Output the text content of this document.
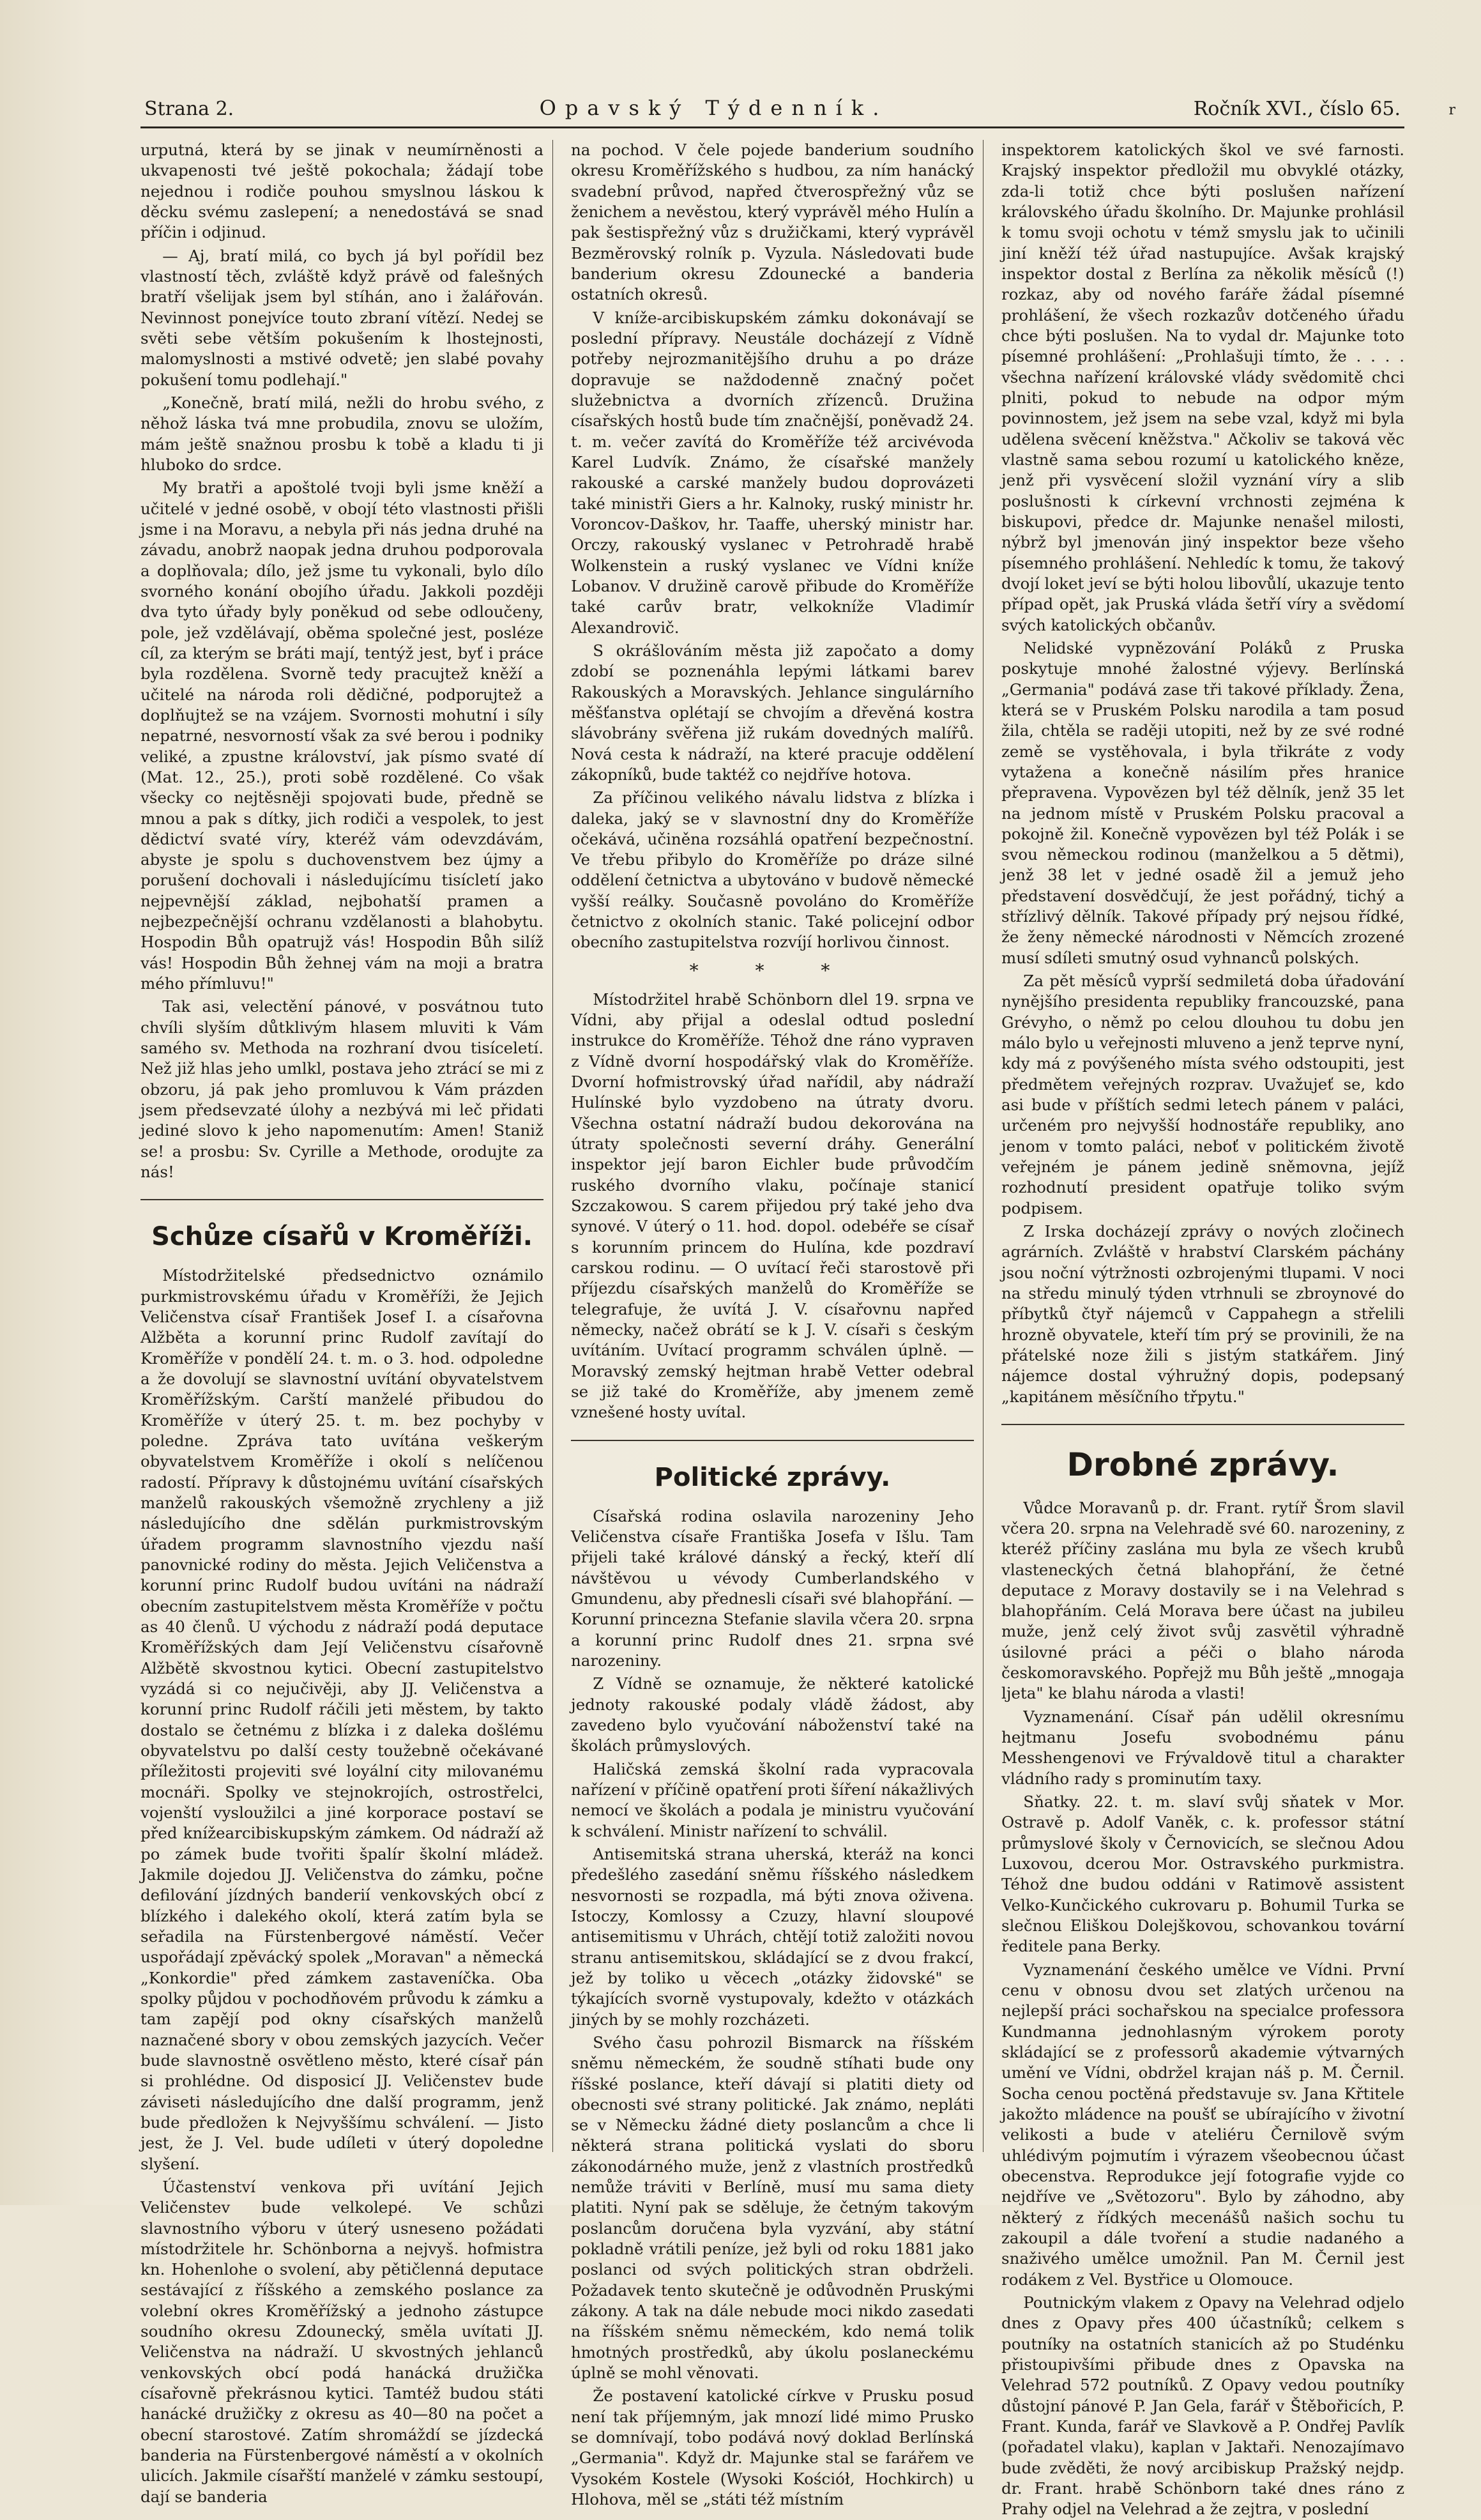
r
Strana 2.	Opavský Týdenník.	Ročník XVI., číslo 65.

urputná, která by se jinak v neumírněnosti a ukvapenosti tvé ještě pokochala; žádají tobe nejednou i rodiče pouhou smyslnou láskou k děcku svému zaslepení; a nenedostává se snad příčin i odjinud.

— Aj, bratí milá, co bych já byl pořídil bez vlastností těch, zvláště když právě od falešných bratří všelijak jsem byl stíhán, ano i žalářován. Nevinnost ponejvíce touto zbraní vítězí. Nedej se světi sebe větším pokušením k lhostejnosti, malomyslnosti a mstivé odvetě; jen slabé povahy pokušení tomu podlehají."

„Konečně, bratí milá, nežli do hrobu svého, z něhož láska tvá mne probudila, znovu se uložím, mám ještě snažnou prosbu k tobě a kladu ti ji hluboko do srdce.

My bratři a apoštolé tvoji byli jsme kněží a učitelé v jedné osobě, v obojí této vlastnosti přišli jsme i na Moravu, a nebyla při nás jedna druhé na závadu, anobrž naopak jedna druhou podporovala a doplňovala; dílo, jež jsme tu vykonali, bylo dílo svorného konání obojího úřadu. Jakkoli později dva tyto úřady byly poněkud od sebe odloučeny, pole, jež vzdělávají, oběma společné jest, posléze cíl, za kterým se bráti mají, tentýž jest, byť i práce byla rozdělena. Svorně tedy pracujtež kněží a učitelé na národa roli dědičné, podporujtež a doplňujtež se na vzájem. Svornosti mohutní i síly nepatrné, nesvorností však za své berou i podniky veliké, a zpustne království, jak písmo svaté dí (Mat. 12., 25.), proti sobě rozdělené. Co však všecky co nejtěsněji spojovati bude, předně se mnou a pak s dítky, jich rodiči a vespolek, to jest dědictví svaté víry, kteréž vám odevzdávám, abyste je spolu s duchovenstvem bez újmy a porušení dochovali i následujícímu tisícletí jako nejpevnější základ, nejbohatší pramen a nejbezpečnější ochranu vzdělanosti a blahobytu. Hospodin Bůh opatrujž vás! Hospodin Bůh silíž vás! Hospodin Bůh žehnej vám na moji a bratra mého přímluvu!"

Tak asi, velectění pánové, v posvátnou tuto chvíli slyším důtklivým hlasem mluviti k Vám samého sv. Methoda na rozhraní dvou tisíceletí. Než již hlas jeho umlkl, postava jeho ztrácí se mi z obzoru, já pak jeho promluvou k Vám prázden jsem předsevzaté úlohy a nezbývá mi leč přidati jediné slovo k jeho napomenutím: Amen! Staniž se! a prosbu: Sv. Cyrille a Methode, orodujte za nás!

Schůze císařů v Kroměříži.

Místodržitelské předsednictvo oznámilo purkmistrovskému úřadu v Kroměříži, že Jejich Veličenstva císař František Josef I. a císařovna Alžběta a korunní princ Rudolf zavítají do Kroměříže v pondělí 24. t. m. o 3. hod. odpoledne a že dovolují se slavnostní uvítání obyvatelstvem Kroměřížským. Carští manželé přibudou do Kroměříže v úterý 25. t. m. bez pochyby v poledne. Zpráva tato uvítána veškerým obyvatelstvem Kroměříže i okolí s nelíčenou radostí. Přípravy k důstojnému uvítání císařských manželů rakouských všemožně zrychleny a již následujícího dne sdělán purkmistrovským úřadem programm slavnostního vjezdu naší panovnické rodiny do města. Jejich Veličenstva a korunní princ Rudolf budou uvítáni na nádraží obecním zastupitelstvem města Kroměříže v počtu as 40 členů. U východu z nádraží podá deputace Kroměřížských dam Její Veličenstvu císařovně Alžbětě skvostnou kytici. Obecní zastupitelstvo vyzádá si co nejučivěji, aby JJ. Veličenstva a korunní princ Rudolf ráčili jeti městem, by takto dostalo se četnému z blízka i z daleka došlému obyvatelstvu po další cesty toužebně očekávané příležitosti projeviti své loyální city milovanému mocnáři. Spolky ve stejnokrojích, ostrostřelci, vojenští vysloužilci a jiné korporace postaví se před knížearcibiskupským zámkem. Od nádraží až po zámek bude tvořiti špalír školní mládež. Jakmile dojedou JJ. Veličenstva do zámku, počne defilování jízdných banderií venkovských obcí z blízkého i dalekého okolí, která zatím byla se seřadila na Fürstenbergové náměstí. Večer uspořádají zpěvácký spolek „Moravan" a německá „Konkordie" před zámkem zastaveníčka. Oba spolky půjdou v pochodňovém průvodu k zámku a tam zapějí pod okny císařských manželů naznačené sbory v obou zemských jazycích. Večer bude slavnostně osvětleno město, které císař pán si prohlédne. Od disposicí JJ. Veličenstev bude záviseti následujícího dne další programm, jenž bude předložen k Nejvyššímu schválení. — Jisto jest, že J. Vel. bude udíleti v úterý dopoledne slyšení.

Účastenství venkova při uvítání Jejich Veličenstev bude velkolepé. Ve schůzi slavnostního výboru v úterý usneseno požádati místodržitele hr. Schönborna a nejvyš. hofmistra kn. Hohenlohe o svolení, aby pětičlenná deputace sestávající z říšského a zemského poslance za volební okres Kroměřížský a jednoho zástupce soudního okresu Zdounecký, směla uvítati JJ. Veličenstva na nádraží. U skvostných jehlanců venkovských obcí podá hanácká družička císařovně překrásnou kytici. Tamtéž budou státi hanácké družičky z okresu as 40—80 na počet a obecní starostové. Zatím shromáždí se jízdecká banderia na Fürstenbergové náměstí a v okolních ulicích. Jakmile císařští manželé v zámku sestoupí, dají se banderia

na pochod. V čele pojede banderium soudního okresu Kroměřížského s hudbou, za ním hanácký svadební průvod, napřed čtverospřežný vůz se ženichem a nevěstou, který vyprávěl mého Hulín a pak šestispřežný vůz s družičkami, který vyprávěl Bezměrovský rolník p. Vyzula. Následovati bude banderium okresu Zdounecké a banderia ostatních okresů.

V kníže-arcibiskupském zámku dokonávají se poslední přípravy. Neustále docházejí z Vídně potřeby nejrozmanitějšího druhu a po dráze dopravuje se naždodenně značný počet služebnictva a dvorních zřízenců. Družina císařských hostů bude tím značnější, poněvadž 24. t. m. večer zavítá do Kroměříže též arcivévoda Karel Ludvík. Známo, že císařské manžely rakouské a carské manžely budou doprovázeti také ministři Giers a hr. Kalnoky, ruský ministr hr. Voroncov-Daškov, hr. Taaffe, uherský ministr har. Orczy, rakouský vyslanec v Petrohradě hrabě Wolkenstein a ruský vyslanec ve Vídni kníže Lobanov. V družině carově přibude do Kroměříže také carův bratr, velkokníže Vladimír Alexandrovič.

S okrášlováním města již započato a domy zdobí se poznenáhla lepými látkami barev Rakouských a Moravských. Jehlance singulárního měšťanstva oplétají se chvojím a dřevěná kostra slávobrány svěřena již rukám dovedných malířů. Nová cesta k nádraží, na které pracuje oddělení zákopníků, bude taktéž co nejdříve hotova.

Za příčinou velikého návalu lidstva z blízka i daleka, jaký se v slavnostní dny do Kroměříže očekává, učiněna rozsáhlá opatření bezpečnostní. Ve třebu přibylo do Kroměříže po dráze silné oddělení četnictva a ubytováno v budově německé vyšší reálky. Současně povoláno do Kroměříže četnictvo z okolních stanic. Také policejní odbor obecního zastupitelstva rozvíjí horlivou činnost.

* * *

Místodržitel hrabě Schönborn dlel 19. srpna ve Vídni, aby přijal a odeslal odtud poslední instrukce do Kroměříže. Téhož dne ráno vypraven z Vídně dvorní hospodářský vlak do Kroměříže. Dvorní hofmistrovský úřad nařídil, aby nádraží Hulínské bylo vyzdobeno na útraty dvoru. Všechna ostatní nádraží budou dekorována na útraty společnosti severní dráhy. Generální inspektor její baron Eichler bude průvodčím ruského dvorního vlaku, počínaje stanicí Szczakowou. S carem přijedou prý také jeho dva synové. V úterý o 11. hod. dopol. odebéře se císař s korunním princem do Hulína, kde pozdraví carskou rodinu. — O uvítací řeči starostově při příjezdu císařských manželů do Kroměříže se telegrafuje, že uvítá J. V. císařovnu napřed německy, načež obrátí se k J. V. císaři s českým uvítáním. Uvítací programm schválen úplně. — Moravský zemský hejtman hrabě Vetter odebral se již také do Kroměříže, aby jmenem země vznešené hosty uvítal.

Politické zprávy.

Císařská rodina oslavila narozeniny Jeho Veličenstva císaře Františka Josefa v Išlu. Tam přijeli také králové dánský a řecký, kteří dlí návštěvou u vévody Cumberlandského v Gmundenu, aby přednesli císaři své blahopřání. — Korunní princezna Stefanie slavila včera 20. srpna a korunní princ Rudolf dnes 21. srpna své narozeniny.

Z Vídně se oznamuje, že některé katolické jednoty rakouské podaly vládě žádost, aby zavedeno bylo vyučování náboženství také na školách průmyslových.

Haličská zemská školní rada vypracovala nařízení v příčině opatření proti šíření nákažlivých nemocí ve školách a podala je ministru vyučování k schválení. Ministr nařízení to schválil.

Antisemitská strana uherská, kteráž na konci předešlého zasedání sněmu říšského následkem nesvornosti se rozpadla, má býti znova oživena. Istoczy, Komlossy a Czuzy, hlavní sloupové antisemitismu v Uhrách, chtějí totiž založiti novou stranu antisemitskou, skládající se z dvou frakcí, jež by toliko u věcech „otázky židovské" se týkajících svorně vystupovaly, kdežto v otázkách jiných by se mohly rozcházeti.

Svého času pohrozil Bismarck na říšském sněmu německém, že soudně stíhati bude ony říšské poslance, kteří dávají si platiti diety od obecnosti své strany politické. Jak známo, nepláti se v Německu žádné diety poslancům a chce li některá strana politická vyslati do sboru zákonodárného muže, jenž z vlastních prostředků nemůže tráviti v Berlíně, musí mu sama diety platiti. Nyní pak se sděluje, že četným takovým poslancům doručena byla vyzvání, aby státní pokladně vrátili peníze, jež byli od roku 1881 jako poslanci od svých politických stran obdrželi. Požadavek tento skutečně je odůvodněn Pruskými zákony. A tak na dále nebude moci nikdo zasedati na říšském sněmu německém, kdo nemá tolik hmotných prostředků, aby úkolu poslaneckému úplně se mohl věnovati.

Že postavení katolické církve v Prusku posud není tak příjemným, jak mnozí lidé mimo Prusko se domnívají, tobo podává nový doklad Berlínská „Germania". Když dr. Majunke stal se farářem ve Vysokém Kostele (Wysoki Kościół, Hochkirch) u Hlohova, měl se „státi též místním

inspektorem katolických škol ve své farnosti. Krajský inspektor předložil mu obvyklé otázky, zda-li totiž chce býti poslušen nařízení královského úřadu školního. Dr. Majunke prohlásil k tomu svoji ochotu v témž smyslu jak to učinili jiní kněží též úřad nastupujíce. Avšak krajský inspektor dostal z Berlína za několik měsíců (!) rozkaz, aby od nového faráře žádal písemné prohlášení, že všech rozkazův dotčeného úřadu chce býti poslušen. Na to vydal dr. Majunke toto písemné prohlášení: „Prohlašuji tímto, že . . . . všechna nařízení královské vlády svědomitě chci plniti, pokud to nebude na odpor mým povinnostem, jež jsem na sebe vzal, když mi byla udělena svěcení kněžstva." Ačkoliv se taková věc vlastně sama sebou rozumí u katolického kněze, jenž při vysvěcení složil vyznání víry a slib poslušnosti k církevní vrchnosti zejména k biskupovi, předce dr. Majunke nenašel milosti, nýbrž byl jmenován jiný inspektor beze všeho písemného prohlášení. Nehledíc k tomu, že takový dvojí loket jeví se býti holou libovůlí, ukazuje tento případ opět, jak Pruská vláda šetří víry a svědomí svých katolických občanův.

Nelidské vypnězování Poláků z Pruska poskytuje mnohé žalostné výjevy. Berlínská „Germania" podává zase tři takové příklady. Žena, která se v Pruském Polsku narodila a tam posud žila, chtěla se raději utopiti, než by ze své rodné země se vystěhovala, i byla třikráte z vody vytažena a konečně násilím přes hranice přepravena. Vypovězen byl též dělník, jenž 35 let na jednom místě v Pruském Polsku pracoval a pokojně žil. Konečně vypovězen byl též Polák i se svou německou rodinou (manželkou a 5 dětmi), jenž 38 let v jedné osadě žil a jemuž jeho představení dosvědčují, že jest pořádný, tichý a střízlivý dělník. Takové případy prý nejsou řídké, že ženy německé národnosti v Němcích zrozené musí sdíleti smutný osud vyhnanců polských.

Za pět měsíců vyprší sedmiletá doba úřadování nynějšího presidenta republiky francouzské, pana Grévyho, o němž po celou dlouhou tu dobu jen málo bylo u veřejnosti mluveno a jenž teprve nyní, kdy má z povýšeného místa svého odstoupiti, jest předmětem veřejných rozprav. Uvažujeť se, kdo asi bude v příštích sedmi letech pánem v paláci, určeném pro nejvyšší hodnostáře republiky, ano jenom v tomto paláci, neboť v politickém životě veřejném je pánem jedině sněmovna, jejíž rozhodnutí president opatřuje toliko svým podpisem.

Z Irska docházejí zprávy o nových zločinech agrárních. Zvláště v hrabství Clarském páchány jsou noční výtržnosti ozbrojenými tlupami. V noci na středu minulý týden vtrhnuli se zbroynové do příbytků čtyř nájemců v Cappahegn a střelili hrozně obyvatele, kteří tím prý se provinili, že na přátelské noze žili s jistým statkářem. Jiný nájemce dostal výhružný dopis, podepsaný „kapitánem měsíčního třpytu."

Drobné zprávy.

Vůdce Moravanů p. dr. Frant. rytíř Šrom slavil včera 20. srpna na Velehradě své 60. narozeniny, z kteréž příčiny zaslána mu byla ze všech krubů vlasteneckých četná blahopřání, že četné deputace z Moravy dostavily se i na Velehrad s blahopřáním. Celá Morava bere účast na jubileu muže, jenž celý život svůj zasvětil výhradně úsilovné práci a péči o blaho národa českomoravského. Popřejž mu Bůh ještě „mnogaja ljeta" ke blahu národa a vlasti!

Vyznamenání. Císař pán udělil okresnímu hejtmanu Josefu svobodnému pánu Messhengenovi ve Frývaldově titul a charakter vládního rady s prominutím taxy.

Sňatky. 22. t. m. slaví svůj sňatek v Mor. Ostravě p. Adolf Vaněk, c. k. professor státní průmyslové školy v Černovicích, se slečnou Adou Luxovou, dcerou Mor. Ostravského purkmistra. Téhož dne budou oddáni v Ratimově assistent Velko-Kunčického cukrovaru p. Bohumil Turka se slečnou Eliškou Dolejškovou, schovankou tovární ředitele pana Berky.

Vyznamenání českého umělce ve Vídni. První cenu v obnosu dvou set zlatých určenou na nejlepší práci sochařskou na specialce professora Kundmanna jednohlasným výrokem poroty skládající se z professorů akademie výtvarných umění ve Vídni, obdržel krajan náš p. M. Černil. Socha cenou poctěná představuje sv. Jana Křtitele jakožto mládence na poušť se ubírajícího v životní velikosti a bude v ateliéru Černilově svým uhlédivým pojmutím i výrazem všeobecnou účast obecenstva. Reprodukce její fotografie vyjde co nejdříve ve „Světozoru". Bylo by záhodno, aby některý z řídkých mecenášů našich sochu tu zakoupil a dále tvoření a studie nadaného a snaživého umělce umožnil. Pan M. Černil jest rodákem z Vel. Bystřice u Olomouce.

Poutnickým vlakem z Opavy na Velehrad odjelo dnes z Opavy přes 400 účastníků; celkem s poutníky na ostatních stanicích až po Studénku přistoupivšími přibude dnes z Opavska na Velehrad 572 poutníků. Z Opavy vedou poutníky důstojní pánové P. Jan Gela, farář v Štěbořicích, P. Frant. Kunda, farář ve Slavkově a P. Ondřej Pavlík (pořadatel vlaku), kaplan v Jaktaři. Nenozajímavo bude zvěděti, že nový arcibiskup Pražský nejdp. dr. Frant. hrabě Schönborn také dnes ráno z Prahy odjel na Velehrad a že zejtra, v poslední
